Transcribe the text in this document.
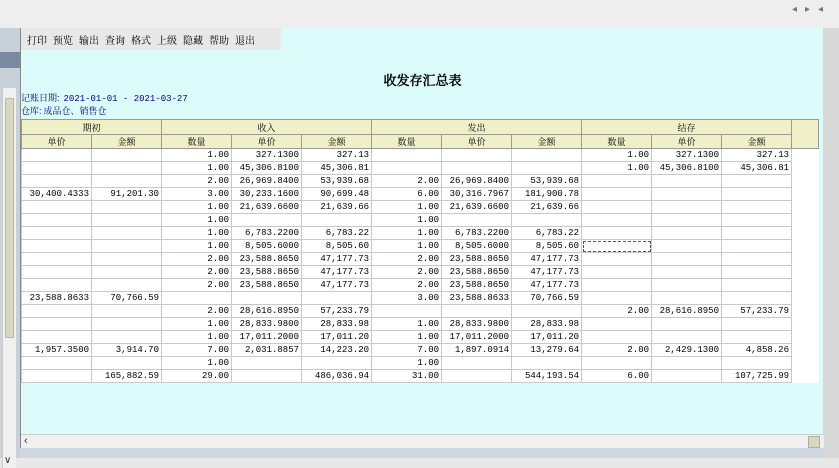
◂▸◂
∨
打印 预览 输出 查询 格式 上级 隐藏 帮助 退出
收发存汇总表
记账日期: 2021-01-01 - 2021-03-27
仓库: 成品仓、销售仓
期初		收入			发出			结存			
单价	金额	数量	单价	金额	数量	单价	金额	数量	单价	金额	
		1.00	327.1300	327.13				1.00	327.1300	327.13	
		1.00	45,306.8100	45,306.81				1.00	45,306.8100	45,306.81	
		2.00	26,969.8400	53,939.68	2.00	26,969.8400	53,939.68				
30,400.4333	91,201.30	3.00	30,233.1600	90,699.48	6.00	30,316.7967	181,900.78				
		1.00	21,639.6600	21,639.66	1.00	21,639.6600	21,639.66				
		1.00			1.00						
		1.00	6,783.2200	6,783.22	1.00	6,783.2200	6,783.22				
		1.00	8,505.6000	8,505.60	1.00	8,505.6000	8,505.60				
		2.00	23,588.8650	47,177.73	2.00	23,588.8650	47,177.73				
		2.00	23,588.8650	47,177.73	2.00	23,588.8650	47,177.73				
		2.00	23,588.8650	47,177.73	2.00	23,588.8650	47,177.73				
23,588.8633	70,766.59				3.00	23,588.8633	70,766.59				
		2.00	28,616.8950	57,233.79				2.00	28,616.8950	57,233.79	
		1.00	28,833.9800	28,833.98	1.00	28,833.9800	28,833.98				
		1.00	17,011.2000	17,011.20	1.00	17,011.2000	17,011.20				
1,957.3500	3,914.70	7.00	2,031.8857	14,223.20	7.00	1,897.0914	13,279.64	2.00	2,429.1300	4,858.26	
		1.00			1.00						
	165,882.59	29.00		486,036.94	31.00		544,193.54	6.00		107,725.99	
‹
